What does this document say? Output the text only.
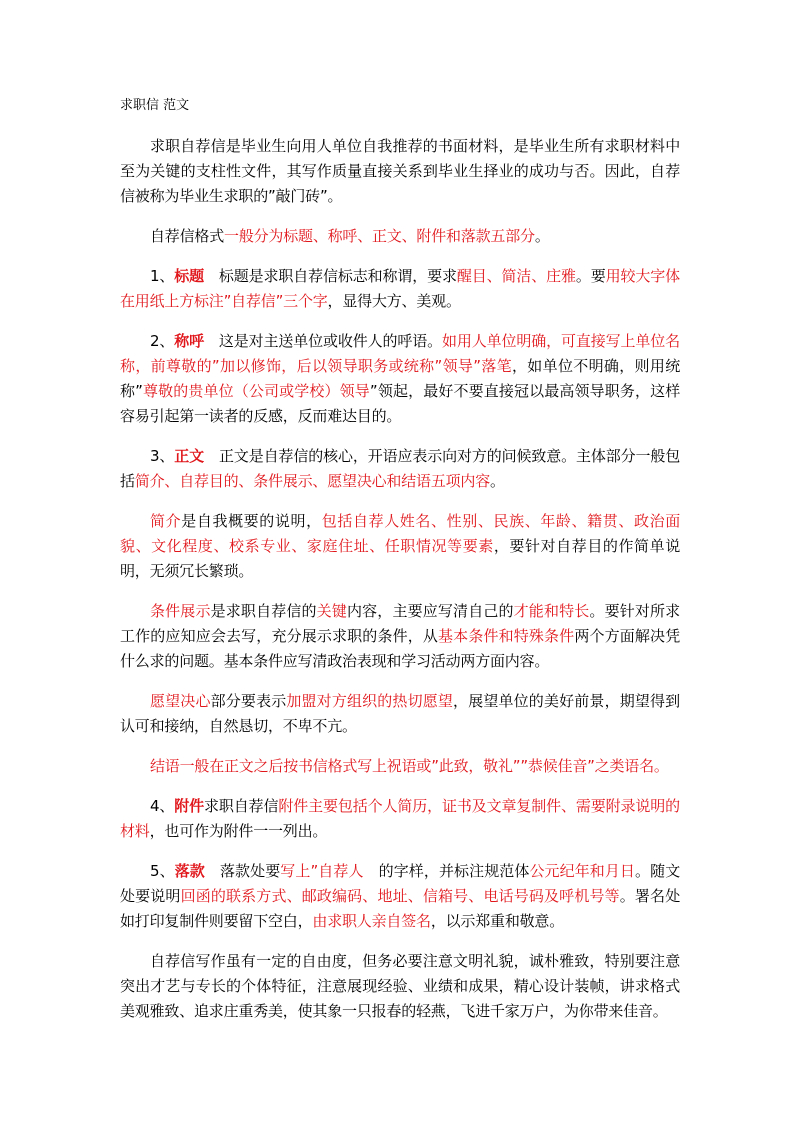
求职信 范文

求职自荐信是毕业生向用人单位自我推荐的书面材料，是毕业生所有求职材料中至为关键的支柱性文件，其写作质量直接关系到毕业生择业的成功与否。因此，自荐信被称为毕业生求职的”敲门砖”。

自荐信格式一般分为标题、称呼、正文、附件和落款五部分。

1、标题　标题是求职自荐信标志和称谓，要求醒目、简洁、庄雅。要用较大字体在用纸上方标注”自荐信”三个字，显得大方、美观。

2、称呼　这是对主送单位或收件人的呼语。如用人单位明确，可直接写上单位名称，前尊敬的”加以修饰，后以领导职务或统称”领导”落笔，如单位不明确，则用统称”尊敬的贵单位（公司或学校）领导”领起，最好不要直接冠以最高领导职务，这样容易引起第一读者的反感，反而难达目的。

3、正文　正文是自荐信的核心，开语应表示向对方的问候致意。主体部分一般包括简介、自荐目的、条件展示、愿望决心和结语五项内容。

简介是自我概要的说明，包括自荐人姓名、性别、民族、年龄、籍贯、政治面貌、文化程度、校系专业、家庭住址、任职情况等要素，要针对自荐目的作简单说明，无须冗长繁琐。

条件展示是求职自荐信的关键内容，主要应写清自己的才能和特长。要针对所求工作的应知应会去写，充分展示求职的条件，从基本条件和特殊条件两个方面解决凭什么求的问题。基本条件应写清政治表现和学习活动两方面内容。

愿望决心部分要表示加盟对方组织的热切愿望，展望单位的美好前景，期望得到认可和接纳，自然恳切，不卑不亢。

结语一般在正文之后按书信格式写上祝语或”此致，敬礼””恭候佳音”之类语名。

4、附件求职自荐信附件主要包括个人简历，证书及文章复制件、需要附录说明的材料，也可作为附件一一列出。

5、落款　落款处要写上”自荐人　的字样，并标注规范体公元纪年和月日。随文处要说明回函的联系方式、邮政编码、地址、信箱号、电话号码及呼机号等。署名处如打印复制件则要留下空白，由求职人亲自签名，以示郑重和敬意。

自荐信写作虽有一定的自由度，但务必要注意文明礼貌，诚朴雅致，特别要注意突出才艺与专长的个体特征，注意展现经验、业绩和成果，精心设计装帧，讲求格式美观雅致、追求庄重秀美，使其象一只报春的轻燕，飞进千家万户，为你带来佳音。
